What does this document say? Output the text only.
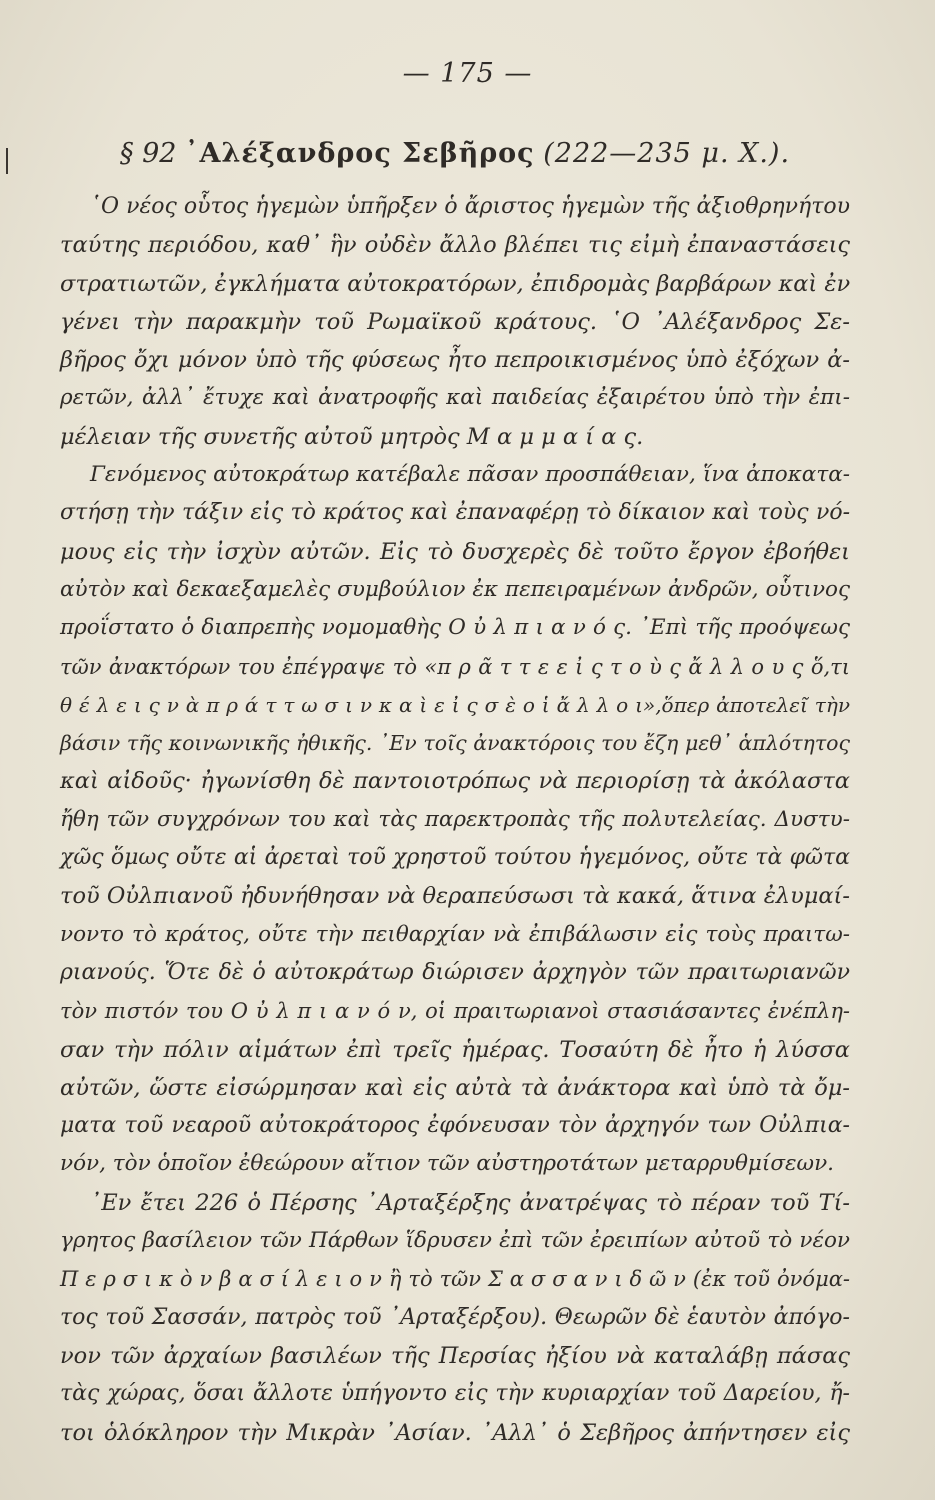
— 175 —
§ 92 ᾿Αλέξανδρος Σεβῆρος (222—235 μ. Χ.).
῾Ο νέος οὗτος ἡγεμὼν ὑπῆρξεν ὁ ἄριστος ἡγεμὼν τῆς ἀξιοθρηνήτου
ταύτης περιόδου, καθ᾿ ἣν οὐδὲν ἄλλο βλέπει τις εἰμὴ ἐπαναστάσεις
στρατιωτῶν, ἐγκλήματα αὐτοκρατόρων, ἐπιδρομὰς βαρβάρων καὶ ἐν
γένει τὴν παρακμὴν τοῦ Ρωμαϊκοῦ κράτους. ῾Ο ᾿Αλέξανδρος Σε-
βῆρος ὄχι μόνον ὑπὸ τῆς φύσεως ἦτο πεπροικισμένος ὑπὸ ἐξόχων ἀ-
ρετῶν, ἀλλ᾿ ἔτυχε καὶ ἀνατροφῆς καὶ παιδείας ἐξαιρέτου ὑπὸ τὴν ἐπι-
μέλειαν τῆς συνετῆς αὐτοῦ μητρὸς Μ α μ μ α ί α ς.
Γενόμενος αὐτοκράτωρ κατέβαλε πᾶσαν προσπάθειαν, ἵνα ἀποκατα-
στήσῃ τὴν τάξιν εἰς τὸ κράτος καὶ ἐπαναφέρῃ τὸ δίκαιον καὶ τοὺς νό-
μους εἰς τὴν ἰσχὺν αὐτῶν. Εἰς τὸ δυσχερὲς δὲ τοῦτο ἔργον ἐβοήθει
αὐτὸν καὶ δεκαεξαμελὲς συμβούλιον ἐκ πεπειραμένων ἀνδρῶν, οὗτινος
προΐστατο ὁ διαπρεπὴς νομομαθὴς Ο ὐ λ π ι α ν ό ς. ᾿Επὶ τῆς προόψεως
τῶν ἀνακτόρων του ἐπέγραψε τὸ «π ρ ᾶ τ τ ε ε ἰ ς τ ο ὺ ς ἄ λ λ ο υ ς ὅ,τι
θ έ λ ε ι ς ν ὰ π ρ ά τ τ ω σ ι ν κ α ὶ ε ἰ ς σ ὲ ο ἱ ἄ λ λ ο ι»,ὅπερ ἀποτελεῖ τὴν
βάσιν τῆς κοινωνικῆς ἠθικῆς. ᾿Εν τοῖς ἀνακτόροις του ἔζη μεθ᾿ ἁπλότητος
καὶ αἰδοῦς· ἠγωνίσθη δὲ παντοιοτρόπως νὰ περιορίσῃ τὰ ἀκόλαστα
ἤθη τῶν συγχρόνων του καὶ τὰς παρεκτροπὰς τῆς πολυτελείας. Δυστυ-
χῶς ὅμως οὔτε αἱ ἀρεταὶ τοῦ χρηστοῦ τούτου ἡγεμόνος, οὔτε τὰ φῶτα
τοῦ Οὐλπιανοῦ ἠδυνήθησαν νὰ θεραπεύσωσι τὰ κακά, ἅτινα ἐλυμαί-
νοντο τὸ κράτος, οὔτε τὴν πειθαρχίαν νὰ ἐπιβάλωσιν εἰς τοὺς πραιτω-
ριανούς. Ὅτε δὲ ὁ αὐτοκράτωρ διώρισεν ἀρχηγὸν τῶν πραιτωριανῶν
τὸν πιστόν του Ο ὐ λ π ι α ν ό ν, οἱ πραιτωριανοὶ στασιάσαντες ἐνέπλη-
σαν τὴν πόλιν αἱμάτων ἐπὶ τρεῖς ἡμέρας. Τοσαύτη δὲ ἦτο ἡ λύσσα
αὐτῶν, ὥστε εἰσώρμησαν καὶ εἰς αὐτὰ τὰ ἀνάκτορα καὶ ὑπὸ τὰ ὄμ-
ματα τοῦ νεαροῦ αὐτοκράτορος ἐφόνευσαν τὸν ἀρχηγόν των Οὐλπια-
νόν, τὸν ὁποῖον ἐθεώρουν αἴτιον τῶν αὐστηροτάτων μεταρρυθμίσεων.
᾿Εν ἔτει 226 ὁ Πέρσης ᾿Αρταξέρξης ἀνατρέψας τὸ πέραν τοῦ Τί-
γρητος βασίλειον τῶν Πάρθων ἵδρυσεν ἐπὶ τῶν ἐρειπίων αὐτοῦ τὸ νέον
Π ε ρ σ ι κ ὸ ν β α σ ί λ ε ι ο ν ἢ τὸ τῶν Σ α σ σ α ν ι δ ῶ ν (ἐκ τοῦ ὀνόμα-
τος τοῦ Σασσάν, πατρὸς τοῦ ᾿Αρταξέρξου). Θεωρῶν δὲ ἑαυτὸν ἀπόγο-
νον τῶν ἀρχαίων βασιλέων τῆς Περσίας ἠξίου νὰ καταλάβῃ πάσας
τὰς χώρας, ὅσαι ἄλλοτε ὑπήγοντο εἰς τὴν κυριαρχίαν τοῦ Δαρείου, ἤ-
τοι ὁλόκληρον τὴν Μικρὰν ᾿Ασίαν. ᾿Αλλ᾿ ὁ Σεβῆρος ἀπήντησεν εἰς
